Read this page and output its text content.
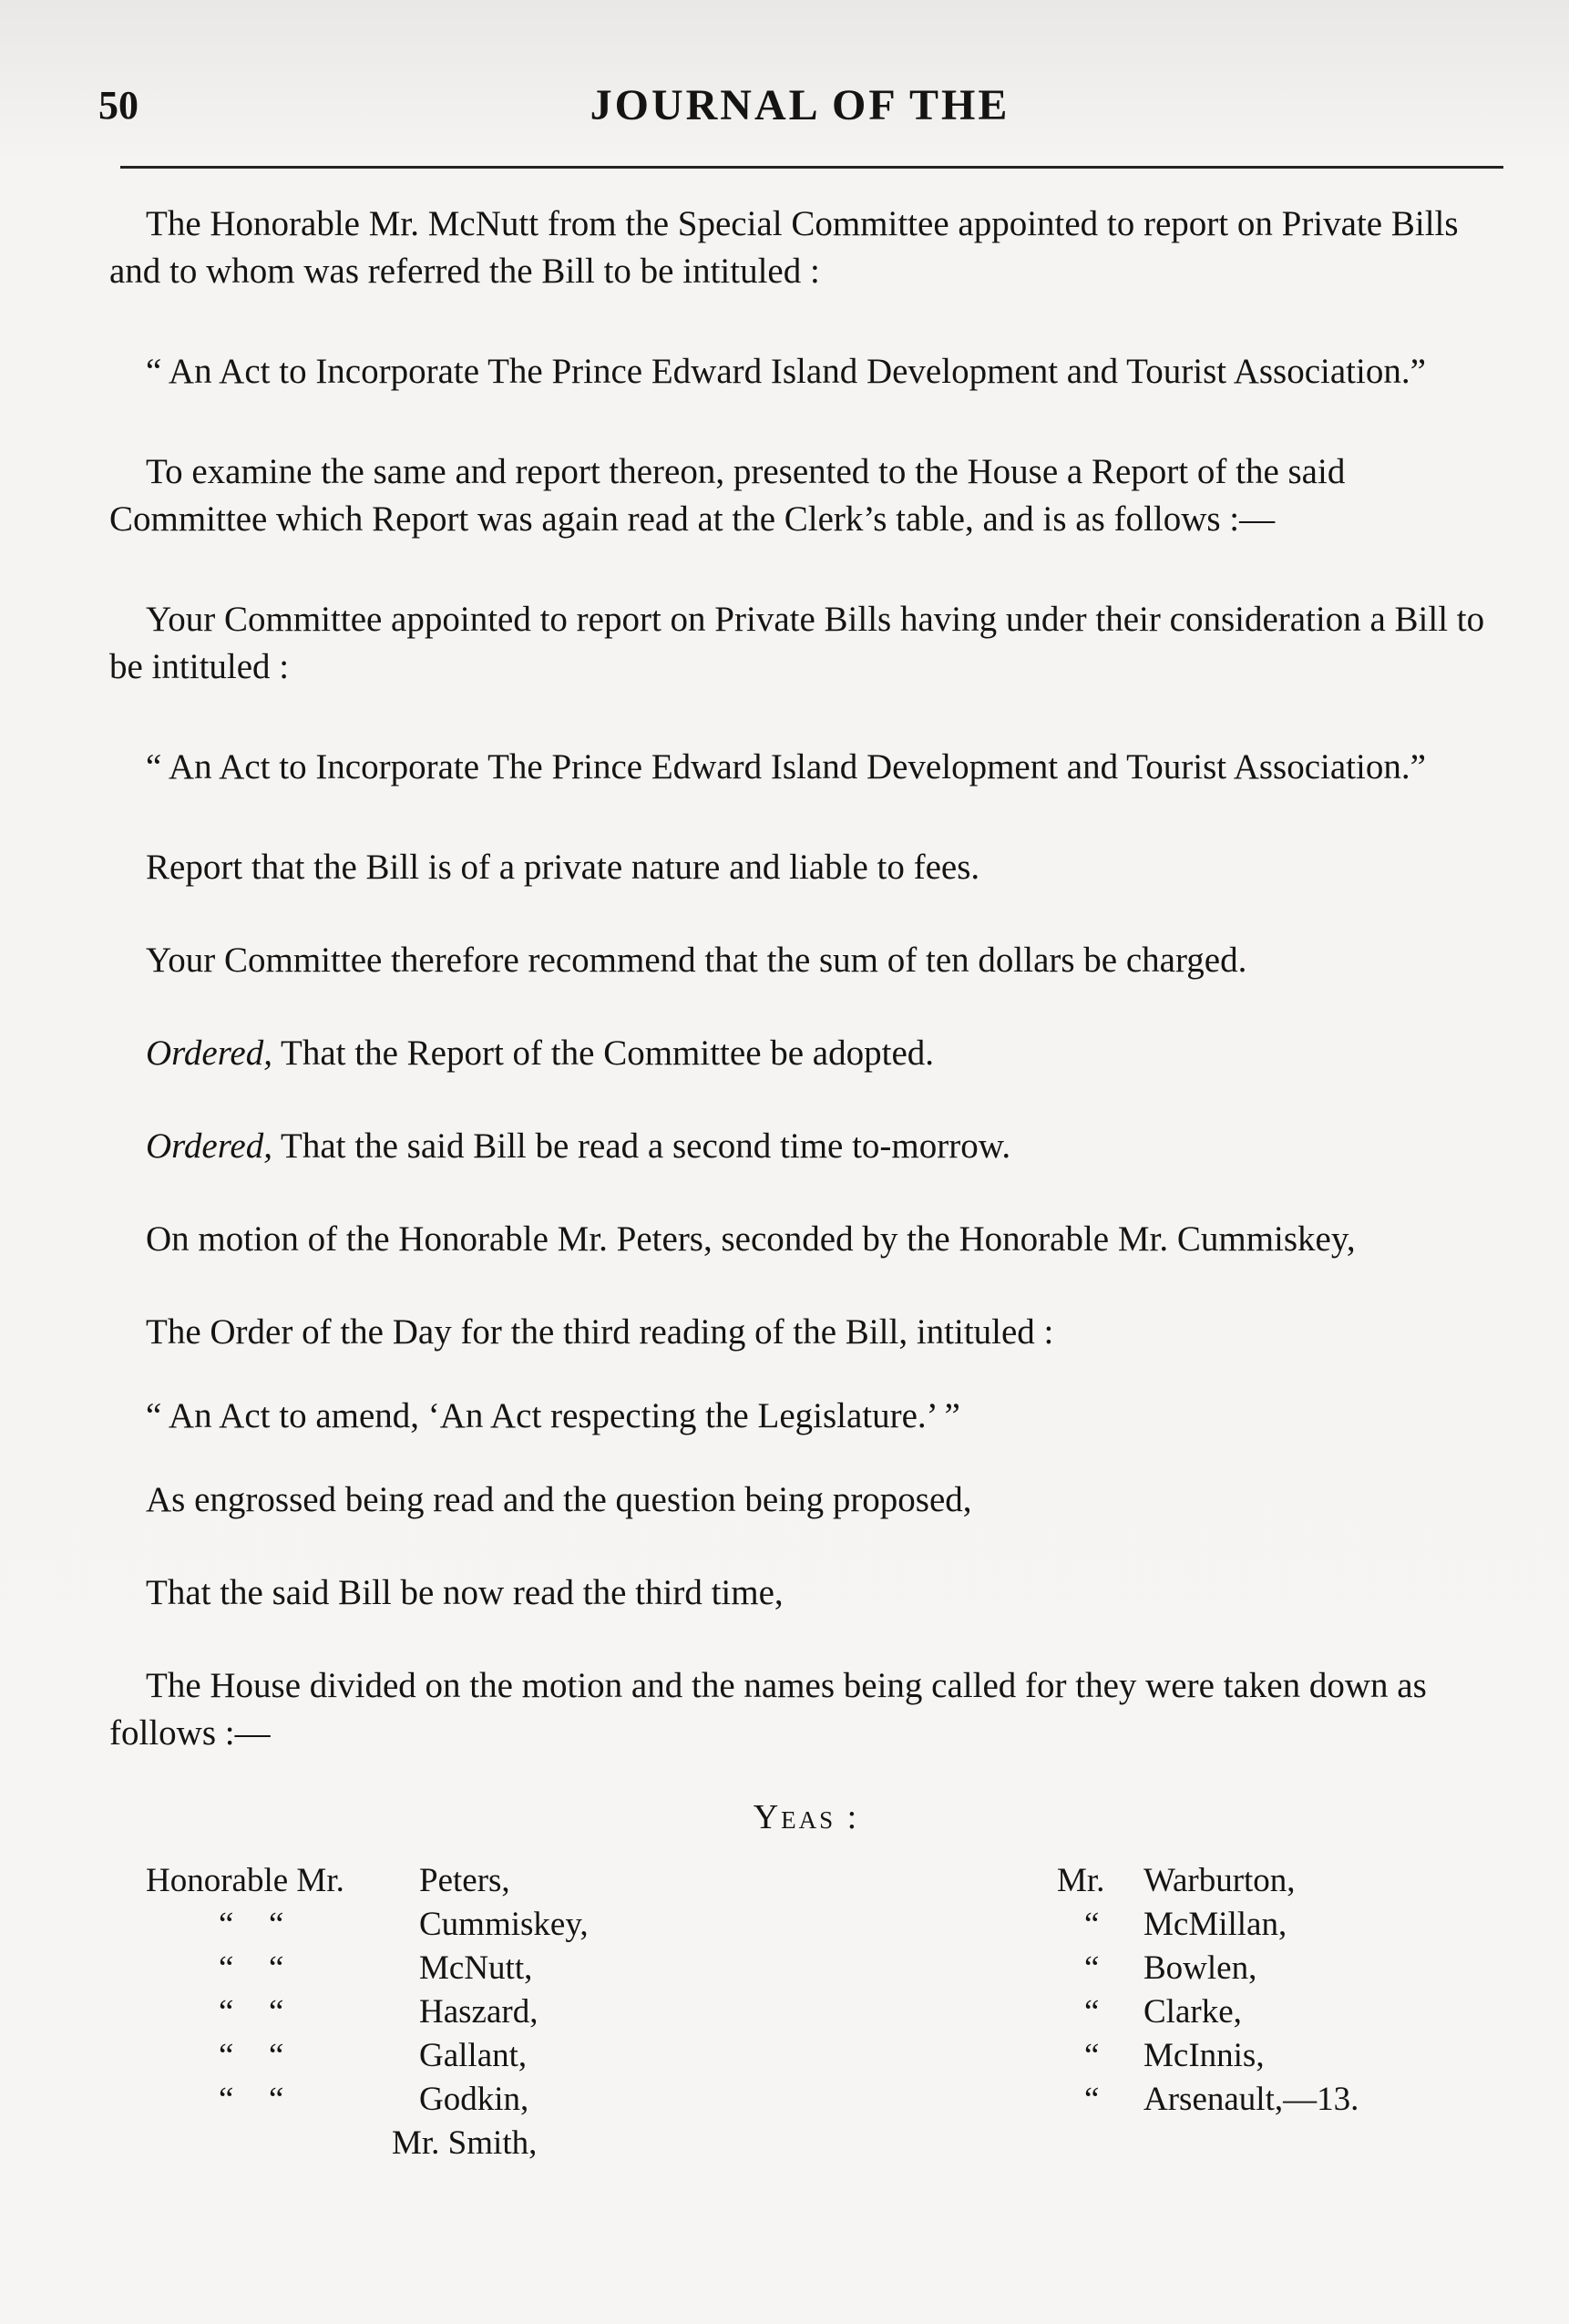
50	JOURNAL OF THE

The Honorable Mr. McNutt from the Special Committee appointed to report on Private Bills and to whom was referred the Bill to be intituled :

“ An Act to Incorporate The Prince Edward Island Development and Tourist Association.”

To examine the same and report thereon, presented to the House a Report of the said Committee which Report was again read at the Clerk’s table, and is as follows :—

Your Committee appointed to report on Private Bills having under their consideration a Bill to be intituled :

“ An Act to Incorporate The Prince Edward Island Development and Tourist Association.”

Report that the Bill is of a private nature and liable to fees.

Your Committee therefore recommend that the sum of ten dollars be charged.

Ordered, That the Report of the Committee be adopted.

Ordered, That the said Bill be read a second time to-morrow.

On motion of the Honorable Mr. Peters, seconded by the Honorable Mr. Cummiskey,

The Order of the Day for the third reading of the Bill, intituled :

“ An Act to amend, ‘An Act respecting the Legislature.’ ”

As engrossed being read and the question being proposed,

That the said Bill be now read the third time,

The House divided on the motion and the names being called for they were taken down as follows :—

Yeas :
Honorable Mr.	Peters,
“ “	Cummiskey,
“ “	McNutt,
“ “	Haszard,
“ “	Gallant,
“ “	Godkin,
Mr. Smith,
Mr.	Warburton,
“	McMillan,
“	Bowlen,
“	Clarke,
“	McInnis,
“	Arsenault,—13.
